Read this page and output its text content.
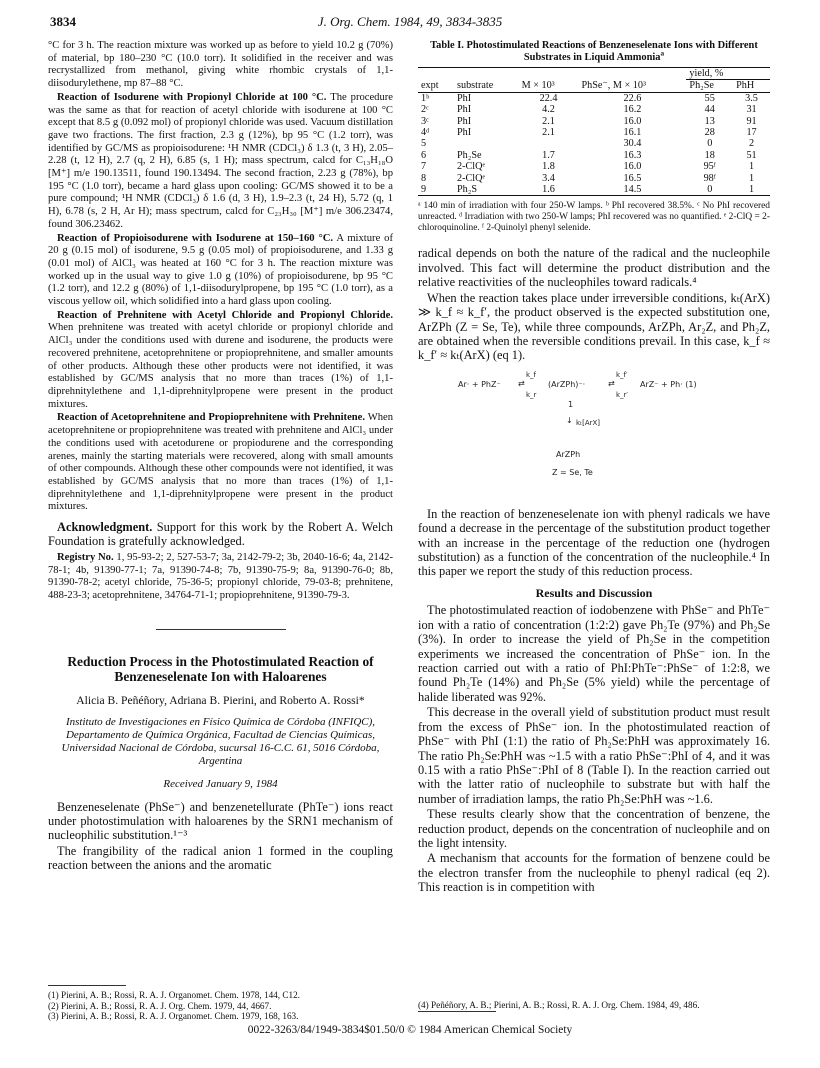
J. Org. Chem. 1984, 49, 3834-3835
3834

°C for 3 h. The reaction mixture was worked up as before to yield 10.2 g (70%) of material, bp 180–230 °C (10.0 torr). It solidified in the receiver and was recrystallized from methanol, giving white rhombic crystals of 1,1-diisodurylethene, mp 87–88 °C.

Reaction of Isodurene with Propionyl Chloride at 100 °C. The procedure was the same as that for reaction of acetyl chloride with isodurene at 100 °C except that 8.5 g (0.092 mol) of propionyl chloride was used. Vacuum distillation gave two fractions. The first fraction, 2.3 g (12%), bp 95 °C (1.2 torr), was identified by GC/MS as propioisodurene: ¹H NMR (CDCl₃) δ 1.3 (t, 3 H), 2.05–2.28 (t, 12 H), 2.7 (q, 2 H), 6.85 (s, 1 H); mass spectrum, calcd for C₁₃H₁₈O [M⁺] m/e 190.13511, found 190.13494. The second fraction, 2.23 g (78%), bp 195 °C (1.0 torr), became a hard glass upon cooling: GC/MS showed it to be a pure compound; ¹H NMR (CDCl₃) δ 1.6 (d, 3 H), 1.9–2.3 (t, 24 H), 5.72 (q, 1 H), 6.78 (s, 2 H, Ar H); mass spectrum, calcd for C₂₃H₃₀ [M⁺] m/e 306.23474, found 306.23462.

Reaction of Propioisodurene with Isodurene at 150–160 °C. A mixture of 20 g (0.15 mol) of isodurene, 9.5 g (0.05 mol) of propioisodurene, and 1.33 g (0.01 mol) of AlCl₃ was heated at 160 °C for 3 h. The reaction mixture was worked up in the usual way to give 1.0 g (10%) of propioisodurene, bp 95 °C (1.2 torr), and 12.2 g (80%) of 1,1-diisodurylpropene, bp 195 °C (1.0 torr), as a viscous yellow oil, which solidified into a hard glass upon cooling.

Reaction of Prehnitene with Acetyl Chloride and Propionyl Chloride. When prehnitene was treated with acetyl chloride or propionyl chloride and AlCl₃ under the conditions used with durene and isodurene, the products were recovered prehnitene, acetoprehnitene or propioprehnitene, and smaller amounts of other products. Although these other products were not identified, it was established by GC/MS analysis that no more than traces (1%) of 1,1-diprehnitylethene and 1,1-diprehnitylpropene were present in the product mixtures.

Reaction of Acetoprehnitene and Propioprehnitene with Prehnitene. When acetoprehnitene or propioprehnitene was treated with prehnitene and AlCl₃ under the conditions used with acetodurene or propiodurene and the corresponding arenes, mainly the starting materials were recovered, along with small amounts of other compounds. Although these other compounds were not identified, it was established by GC/MS analysis that no more than traces (1%) of 1,1-diprehnitylethene and 1,1-diprehnitylpropene were present in the product mixtures.

Acknowledgment. Support for this work by the Robert A. Welch Foundation is gratefully acknowledged.

Registry No. 1, 95-93-2; 2, 527-53-7; 3a, 2142-79-2; 3b, 2040-16-6; 4a, 2142-78-1; 4b, 91390-77-1; 7a, 91390-74-8; 7b, 91390-75-9; 8a, 91390-76-0; 8b, 91390-78-2; acetyl chloride, 75-36-5; propionyl chloride, 79-03-8; prehnitene, 488-23-3; acetoprehnitene, 34764-71-1; propioprehnitene, 91390-79-3.

Reduction Process in the Photostimulated Reaction of Benzeneselenate Ion with Haloarenes
Alicia B. Peñéñory, Adriana B. Pierini, and Roberto A. Rossi*
Instituto de Investigaciones en Físico Química de Córdoba (INFIQC), Departamento de Química Orgánica, Facultad de Ciencias Químicas, Universidad Nacional de Córdoba, sucursal 16-C.C. 61, 5016 Córdoba, Argentina
Received January 9, 1984

Benzeneselenate (PhSe⁻) and benzenetellurate (PhTe⁻) ions react under photostimulation with haloarenes by the SRN1 mechanism of nucleophilic substitution.¹⁻³

The frangibility of the radical anion 1 formed in the coupling reaction between the anions and the aromatic

(1) Pierini, A. B.; Rossi, R. A. J. Organomet. Chem. 1978, 144, C12.
(2) Pierini, A. B.; Rossi, R. A. J. Org. Chem. 1979, 44, 4667.
(3) Pierini, A. B.; Rossi, R. A. J. Organomet. Chem. 1979, 168, 163.
Table I. Photostimulated Reactions of Benzeneselenate Ions with Different Substrates in Liquid Ammonia$^a$
expt	substrate	M × 10³	PhSe⁻, M × 10³	yield, %	
				Ph₂Se	PhH
1ᵇ	PhI	22.4	22.6	55	3.5
2ᶜ	PhI	4.2	16.2	44	31
3ᶜ	PhI	2.1	16.0	13	91
4ᵈ	PhI	2.1	16.1	28	17
5			30.4	0	2
6	Ph₂Se	1.7	16.3	18	51
7	2-ClQᵉ	1.8	16.0	95ᶠ	1
8	2-ClQᵉ	3.4	16.5	98ᶠ	1
9	Ph₂S	1.6	14.5	0	1
ᵃ 140 min of irradiation with four 250-W lamps. ᵇ PhI recovered 38.5%. ᶜ No PhI recovered unreacted. ᵈ Irradiation with two 250-W lamps; PhI recovered was no quantified. ᵉ 2-ClQ = 2-chloroquinoline. ᶠ 2-Quinolyl phenyl selenide.

radical depends on both the nature of the radical and the nucleophile involved. This fact will determine the product distribution and the relative reactivities of the nucleophiles toward radicals.⁴

When the reaction takes place under irreversible conditions, kₜ(ArX) ≫ k_f ≈ k_f′, the product observed is the expected substitution one, ArZPh (Z = Se, Te), while three compounds, ArZPh, Ar₂Z, and Ph₂Z, are obtained when the reversible conditions prevail. In this case, k_f ≈ k_f′ ≈ kₜ(ArX) (eq 1).

Ar· + PhZ⁻
k_f
⇄
k_r
(ArZPh)⁻·
k_f′
⇄
k_r′
ArZ⁻ + Ph· (1)
1
↓ kₜ[ArX]
ArZPh
Z = Se, Te

In the reaction of benzeneselenate ion with phenyl radicals we have found a decrease in the percentage of the substitution product together with an increase in the percentage of the reduction one (hydrogen substitution) as a function of the concentration of the nucleophile.⁴ In this paper we report the study of this reduction process.

Results and Discussion

The photostimulated reaction of iodobenzene with PhSe⁻ and PhTe⁻ ion with a ratio of concentration (1:2:2) gave Ph₂Te (97%) and Ph₂Se (3%). In order to increase the yield of Ph₂Se in the competition experiments we increased the concentration of PhSe⁻ ion. In the reaction carried out with a ratio of PhI:PhTe⁻:PhSe⁻ of 1:2:8, we found Ph₂Te (14%) and Ph₂Se (5% yield) while the percentage of halide liberated was 92%.

This decrease in the overall yield of substitution product must result from the excess of PhSe⁻ ion. In the photostimulated reaction of PhSe⁻ with PhI (1:1) the ratio of Ph₂Se:PhH was approximately 16. The ratio Ph₂Se:PhH was ~1.5 with a ratio PhSe⁻:PhI of 4, and it was 0.15 with a ratio PhSe⁻:PhI of 8 (Table I). In the reaction carried out with the latter ratio of nucleophile to substrate but with half the number of irradiation lamps, the ratio Ph₂Se:PhH was ~1.6.

These results clearly show that the concentration of benzene, the reduction product, depends on the concentration of nucleophile and on the light intensity.

A mechanism that accounts for the formation of benzene could be the electron transfer from the nucleophile to phenyl radical (eq 2). This reaction is in competition with

(4) Peñéñory, A. B.; Pierini, A. B.; Rossi, R. A. J. Org. Chem. 1984, 49, 486.
0022-3263/84/1949-3834$01.50/0 © 1984 American Chemical Society
